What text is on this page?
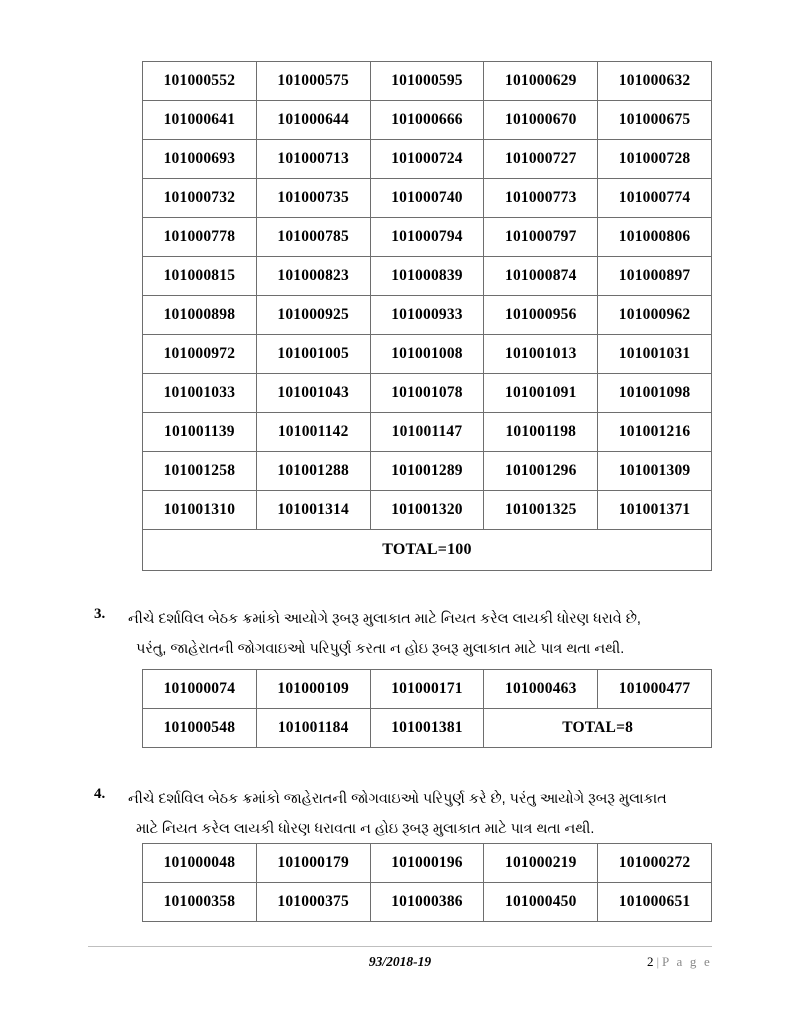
101000552	101000575	101000595	101000629	101000632
101000641	101000644	101000666	101000670	101000675
101000693	101000713	101000724	101000727	101000728
101000732	101000735	101000740	101000773	101000774
101000778	101000785	101000794	101000797	101000806
101000815	101000823	101000839	101000874	101000897
101000898	101000925	101000933	101000956	101000962
101000972	101001005	101001008	101001013	101001031
101001033	101001043	101001078	101001091	101001098
101001139	101001142	101001147	101001198	101001216
101001258	101001288	101001289	101001296	101001309
101001310	101001314	101001320	101001325	101001371
TOTAL=100				
3.	નીચે દર્શાવિલ બેઠક ક્રમાંકો આયોગે રૂબરૂ મુલાકાત માટે નિયત કરેલ લાયકી ધોરણ ધરાવે છે,
પરંતુ, જાહેરાતની જોગવાઇઓ પરિપુર્ણ કરતા ન હોઇ રૂબરૂ મુલાકાત માટે પાત્ર થતા નથી.
101000074	101000109	101000171	101000463	101000477
101000548	101001184	101001381	TOTAL=8	
4.	નીચે દર્શાવિલ બેઠક ક્રમાંકો જાહેરાતની જોગવાઇઓ પરિપુર્ણ કરે છે, પરંતુ આયોગે રૂબરૂ મુલાકાત
માટે નિયત કરેલ લાયકી ધોરણ ધરાવતા ન હોઇ રૂબરૂ મુલાકાત માટે પાત્ર થતા નથી.
101000048	101000179	101000196	101000219	101000272
101000358	101000375	101000386	101000450	101000651
93/2018-19	2 | P a g e
